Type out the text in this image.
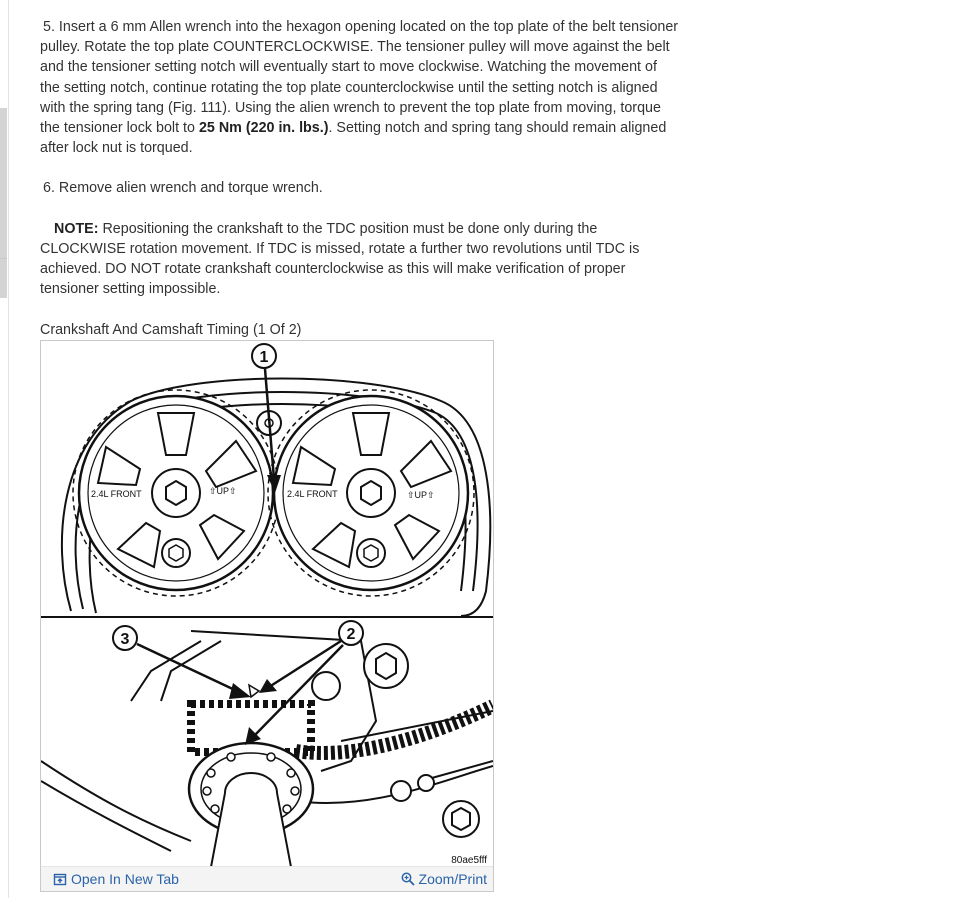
5. Insert a 6 mm Allen wrench into the hexagon opening located on the top plate of the belt tensioner pulley. Rotate the top plate COUNTERCLOCKWISE. The tensioner pulley will move against the belt and the tensioner setting notch will eventually start to move clockwise. Watching the movement of the setting notch, continue rotating the top plate counterclockwise until the setting notch is aligned with the spring tang (Fig. 111). Using the alien wrench to prevent the top plate from moving, torque the tensioner lock bolt to 25 Nm (220 in. lbs.). Setting notch and spring tang should remain aligned after lock nut is torqued.

6. Remove alien wrench and torque wrench.

NOTE: Repositioning the crankshaft to the TDC position must be done only during the CLOCKWISE rotation movement. If TDC is missed, rotate a further two revolutions until TDC is achieved. DO NOT rotate crankshaft counterclockwise as this will make verification of proper tensioner setting impossible.

Crankshaft And Camshaft Timing (1 Of 2)

2.4L FRONT	⇧UP⇧	2.4L FRONT	⇧UP⇧
1
3	2
80ae5fff
Open In New Tab	Zoom/Print
